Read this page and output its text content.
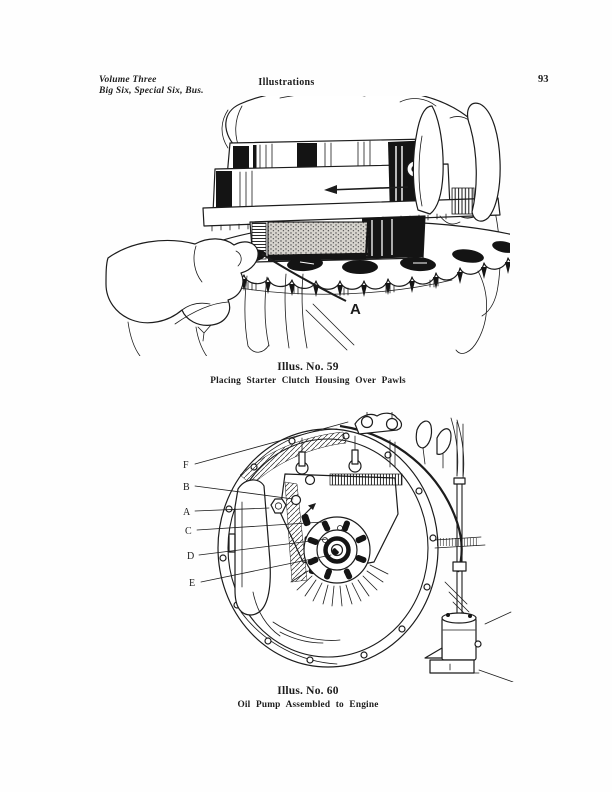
Volume Three
Big Six, Special Six, Bus.
Illustrations	93
A
Illus. No. 59
Placing Starter Clutch Housing Over Pawls
F
B
A
C
D
E
Illus. No. 60
Oil Pump Assembled to Engine
